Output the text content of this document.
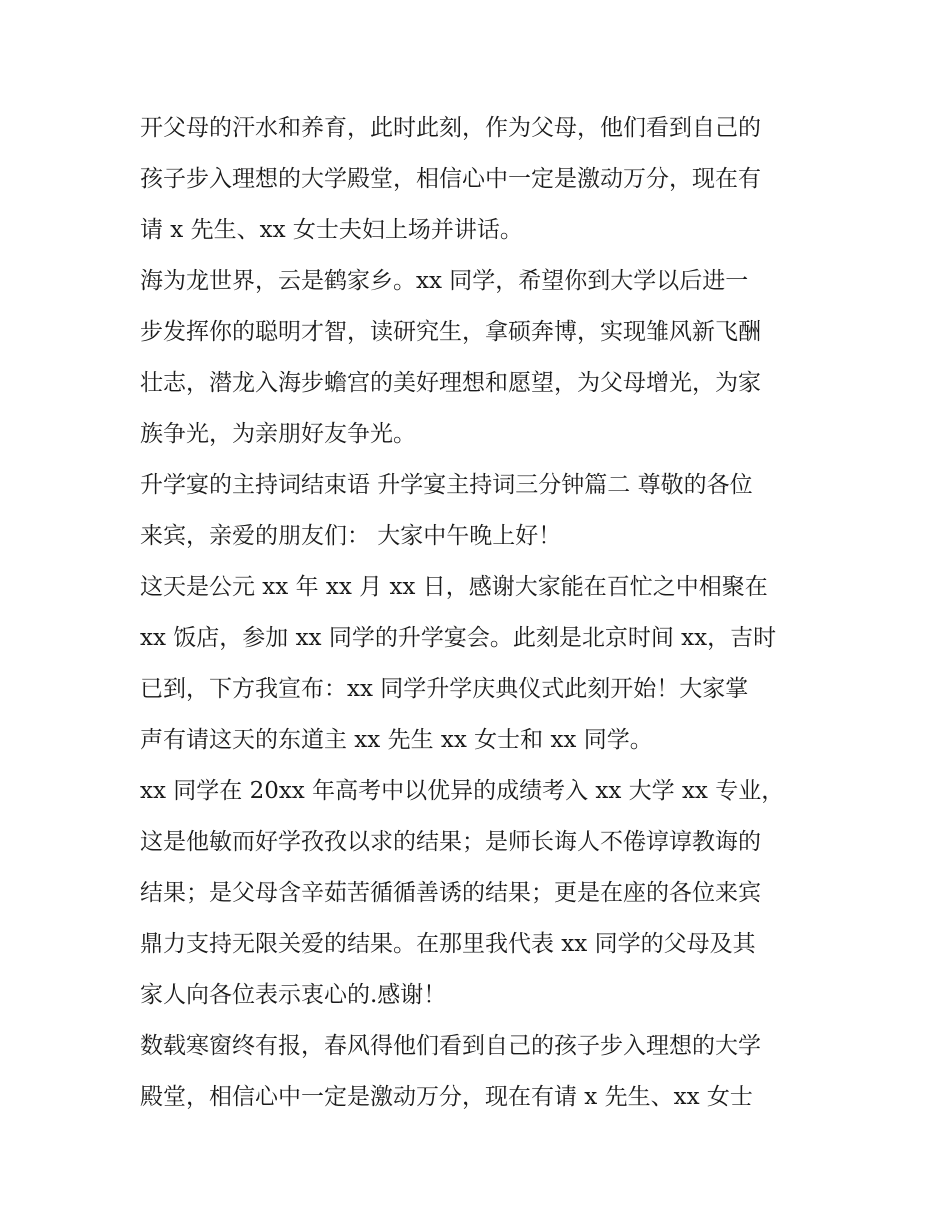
开父母的汗水和养育，此时此刻，作为父母，他们看到自己的
孩子步入理想的大学殿堂，相信心中一定是激动万分，现在有
请 x 先生、xx 女士夫妇上场并讲话。
海为龙世界，云是鹤家乡。xx 同学，希望你到大学以后进一
步发挥你的聪明才智，读研究生，拿硕奔博，实现雏风新飞酬
壮志，潜龙入海步蟾宫的美好理想和愿望，为父母增光，为家
族争光，为亲朋好友争光。
升学宴的主持词结束语 升学宴主持词三分钟篇二 尊敬的各位
来宾，亲爱的朋友们： 大家中午晚上好！
这天是公元 xx 年 xx 月 xx 日，感谢大家能在百忙之中相聚在
xx 饭店，参加 xx 同学的升学宴会。此刻是北京时间 xx，吉时
已到，下方我宣布：xx 同学升学庆典仪式此刻开始！大家掌
声有请这天的东道主 xx 先生 xx 女士和 xx 同学。
xx 同学在 20xx 年高考中以优异的成绩考入 xx 大学 xx 专业，
这是他敏而好学孜孜以求的结果；是师长诲人不倦谆谆教诲的
结果；是父母含辛茹苦循循善诱的结果；更是在座的各位来宾
鼎力支持无限关爱的结果。在那里我代表 xx 同学的父母及其
家人向各位表示衷心的.感谢！
数载寒窗终有报，春风得他们看到自己的孩子步入理想的大学
殿堂，相信心中一定是激动万分，现在有请 x 先生、xx 女士
